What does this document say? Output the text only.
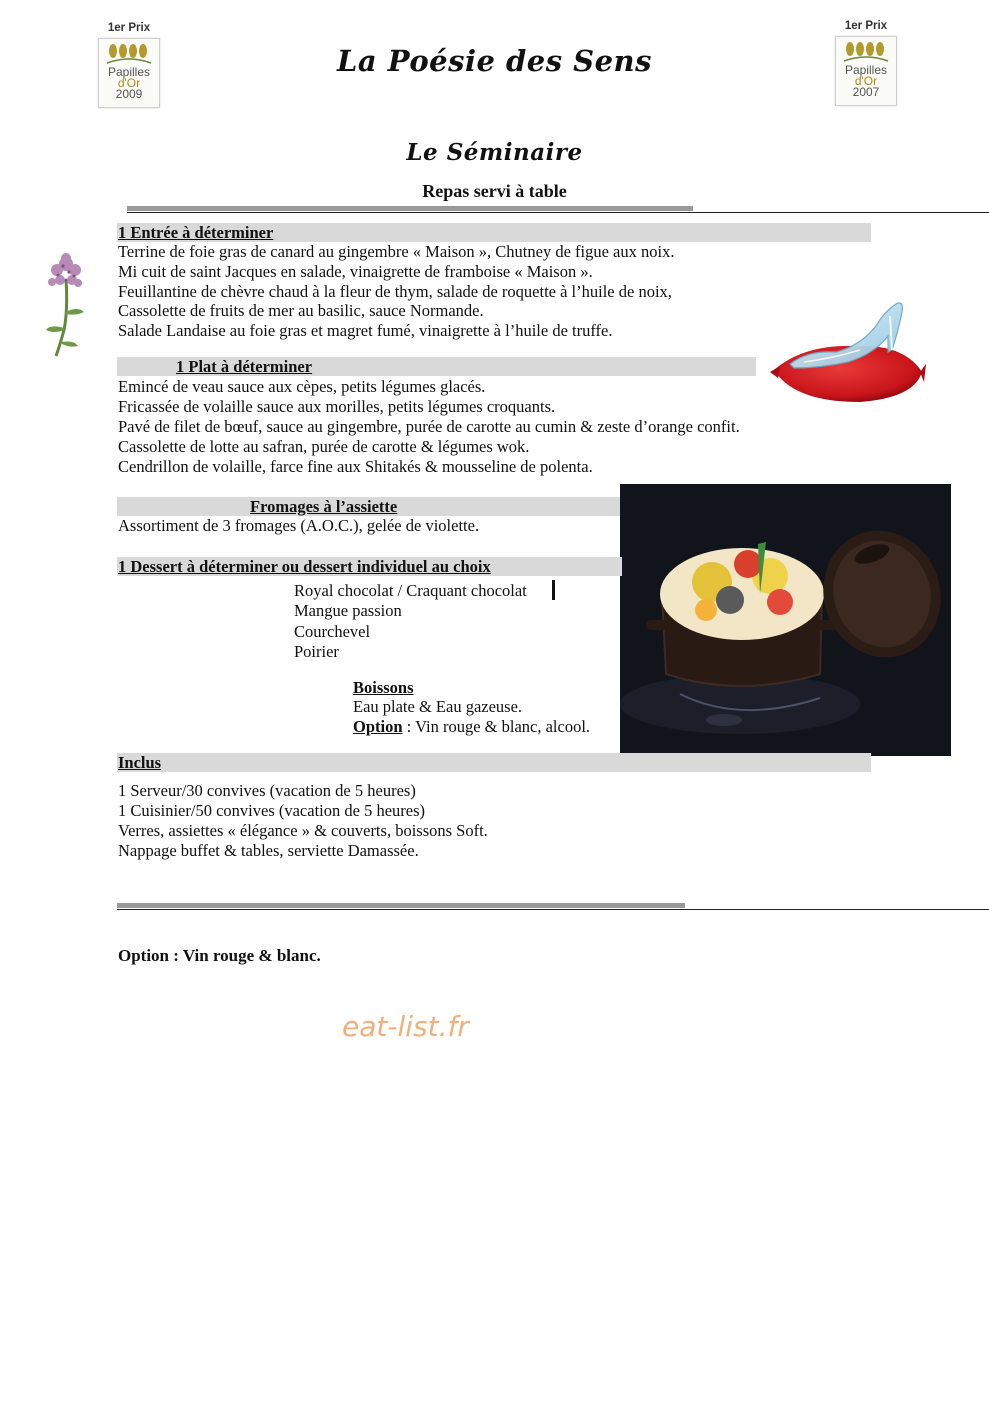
1er Prix
Papilles
d'Or
2009
1er Prix
Papilles
d'Or
2007
La Poésie des Sens
Le Séminaire
Repas servi à table
1 Entrée à déterminer
Terrine de foie gras de canard au gingembre « Maison », Chutney de figue aux noix.
Mi cuit de saint Jacques en salade, vinaigrette de framboise « Maison ».
Feuillantine de chèvre chaud à la fleur de thym, salade de roquette à l’huile de noix,
Cassolette de fruits de mer au basilic, sauce Normande.
Salade Landaise au foie gras et magret fumé, vinaigrette à l’huile de truffe.
1 Plat à déterminer
Emincé de veau sauce aux cèpes, petits légumes glacés.
Fricassée de volaille sauce aux morilles, petits légumes croquants.
Pavé de filet de bœuf, sauce au gingembre, purée de carotte au cumin & zeste d’orange confit.
Cassolette de lotte au safran, purée de carotte & légumes wok.
Cendrillon de volaille, farce fine aux Shitakés & mousseline de polenta.
Fromages à l’assiette
Assortiment de 3 fromages (A.O.C.), gelée de violette.
1 Dessert à déterminer ou dessert individuel au choix
Royal chocolat / Craquant chocolat
Mangue passion
Courchevel
Poirier
Boissons
Eau plate & Eau gazeuse.
Option : Vin rouge & blanc, alcool.
Inclus
1 Serveur/30 convives (vacation de 5 heures)
1 Cuisinier/50 convives (vacation de 5 heures)
Verres, assiettes « élégance » & couverts, boissons Soft.
Nappage buffet & tables, serviette Damassée.
Option : Vin rouge & blanc.
eat-list.fr
